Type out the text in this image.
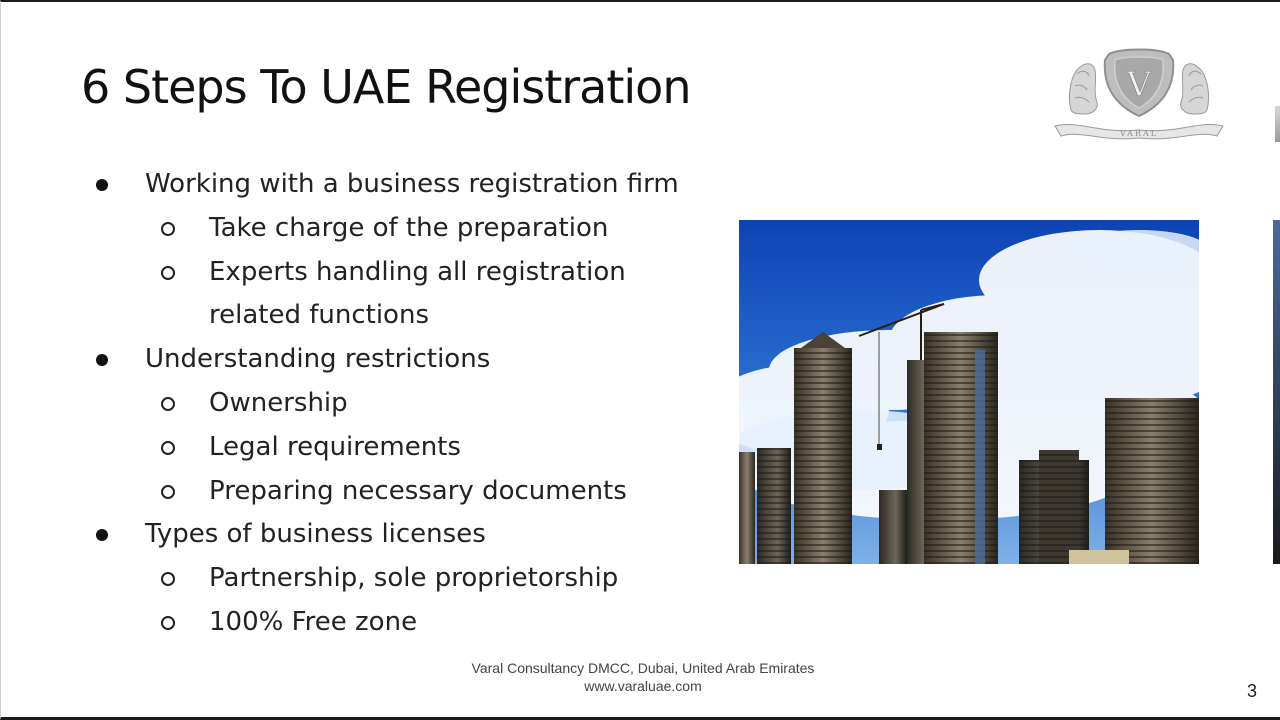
6 Steps To UAE Registration	V
VARAL
Working with a business registration firm
Take charge of the preparation
Experts handling all registration
related functions
Understanding restrictions
Ownership
Legal requirements
Preparing necessary documents
Types of business licenses
Partnership, sole proprietorship
100% Free zone
Varal Consultancy DMCC, Dubai, United Arab Emirates
www.varaluae.com	3
